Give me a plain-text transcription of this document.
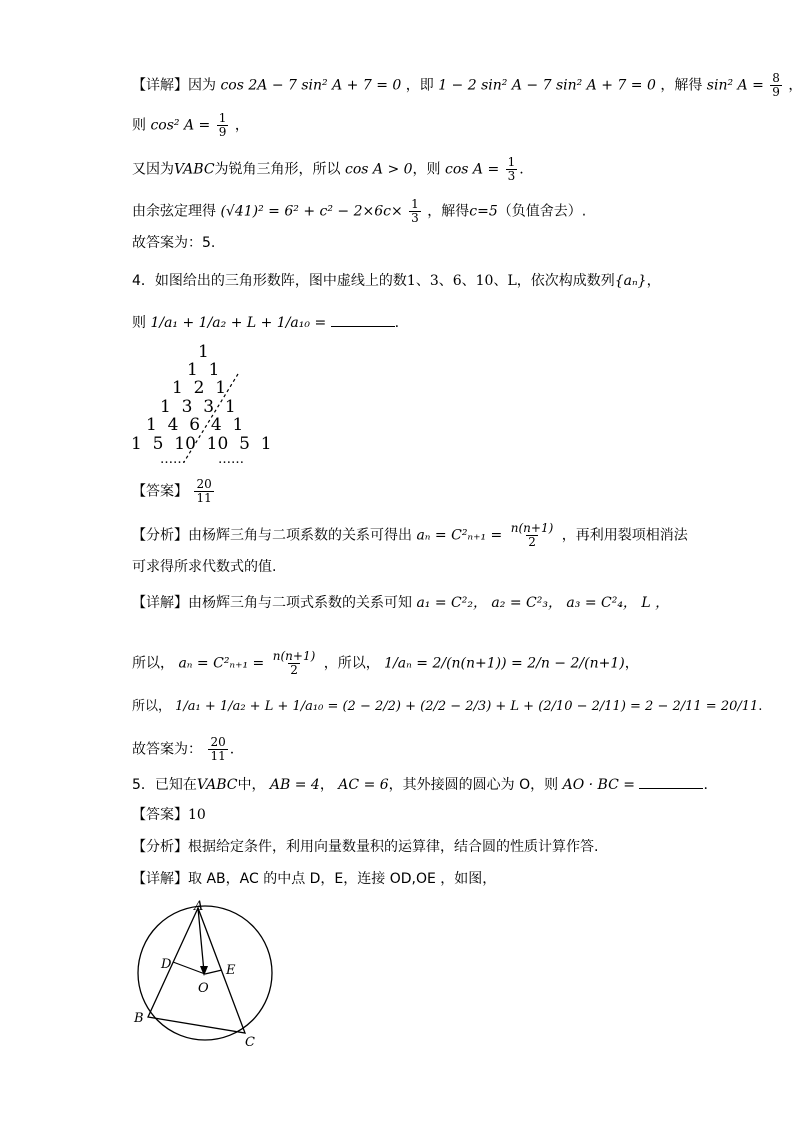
【详解】因为 cos 2A − 7 sin² A + 7 = 0 ，即 1 − 2 sin² A − 7 sin² A + 7 = 0 ，解得 sin² $A = \frac{8}{9}$ ，
则 cos² $A = \frac{1}{9}$ ，
又因为VABC为锐角三角形，所以 cos A > 0，则 $\cos A = \frac{1}{3}$ .
由余弦定理得 $(√41)^2 = 6^2 + c^2 - 2\times 6c\times \frac{1}{3}$ ，解得c=5（负值舍去）.
故答案为：5.
4．如图给出的三角形数阵，图中虚线上的数1、3、6、10、L，依次构成数列{aₙ}，
则 1/a₁ + 1/a₂ + L + 1/a₁₀ =	.
1
1  1
1  2  1
1  3  3  1
1  4  6  4  1
1  5  10  10  5  1
…… ……
【答案】 $\frac{20}{11}$
【分析】由杨辉三角与二项系数的关系可得出 $a_n = C^2_{n+1} = \frac{n(n+1)}{2}$ ，再利用裂项相消法
可求得所求代数式的值.
【详解】由杨辉三角与二项式系数的关系可知 a₁ = C²₂， a₂ = C²₃， a₃ = C²₄， L ，
所以， $a_n = C^2_{n+1} = \frac{n(n+1)}{2}$ ，所以， 1/aₙ = 2/(n(n+1)) = 2/n − 2/(n+1)，
所以， 1/a₁ + 1/a₂ + L + 1/a₁₀ = (2 − 2/2) + (2/2 − 2/3) + L + (2/10 − 2/11) = 2 − 2/11 = 20/11.
故答案为： $\frac{20}{11}$ .
5．已知在VABC中， AB = 4， AC = 6，其外接圆的圆心为 O，则 AO · BC =	.
【答案】10
【分析】根据给定条件，利用向量数量积的运算律，结合圆的性质计算作答.
【详解】取 AB，AC 的中点 D，E，连接 OD,OE ，如图，
A
B
C
D	E
O
